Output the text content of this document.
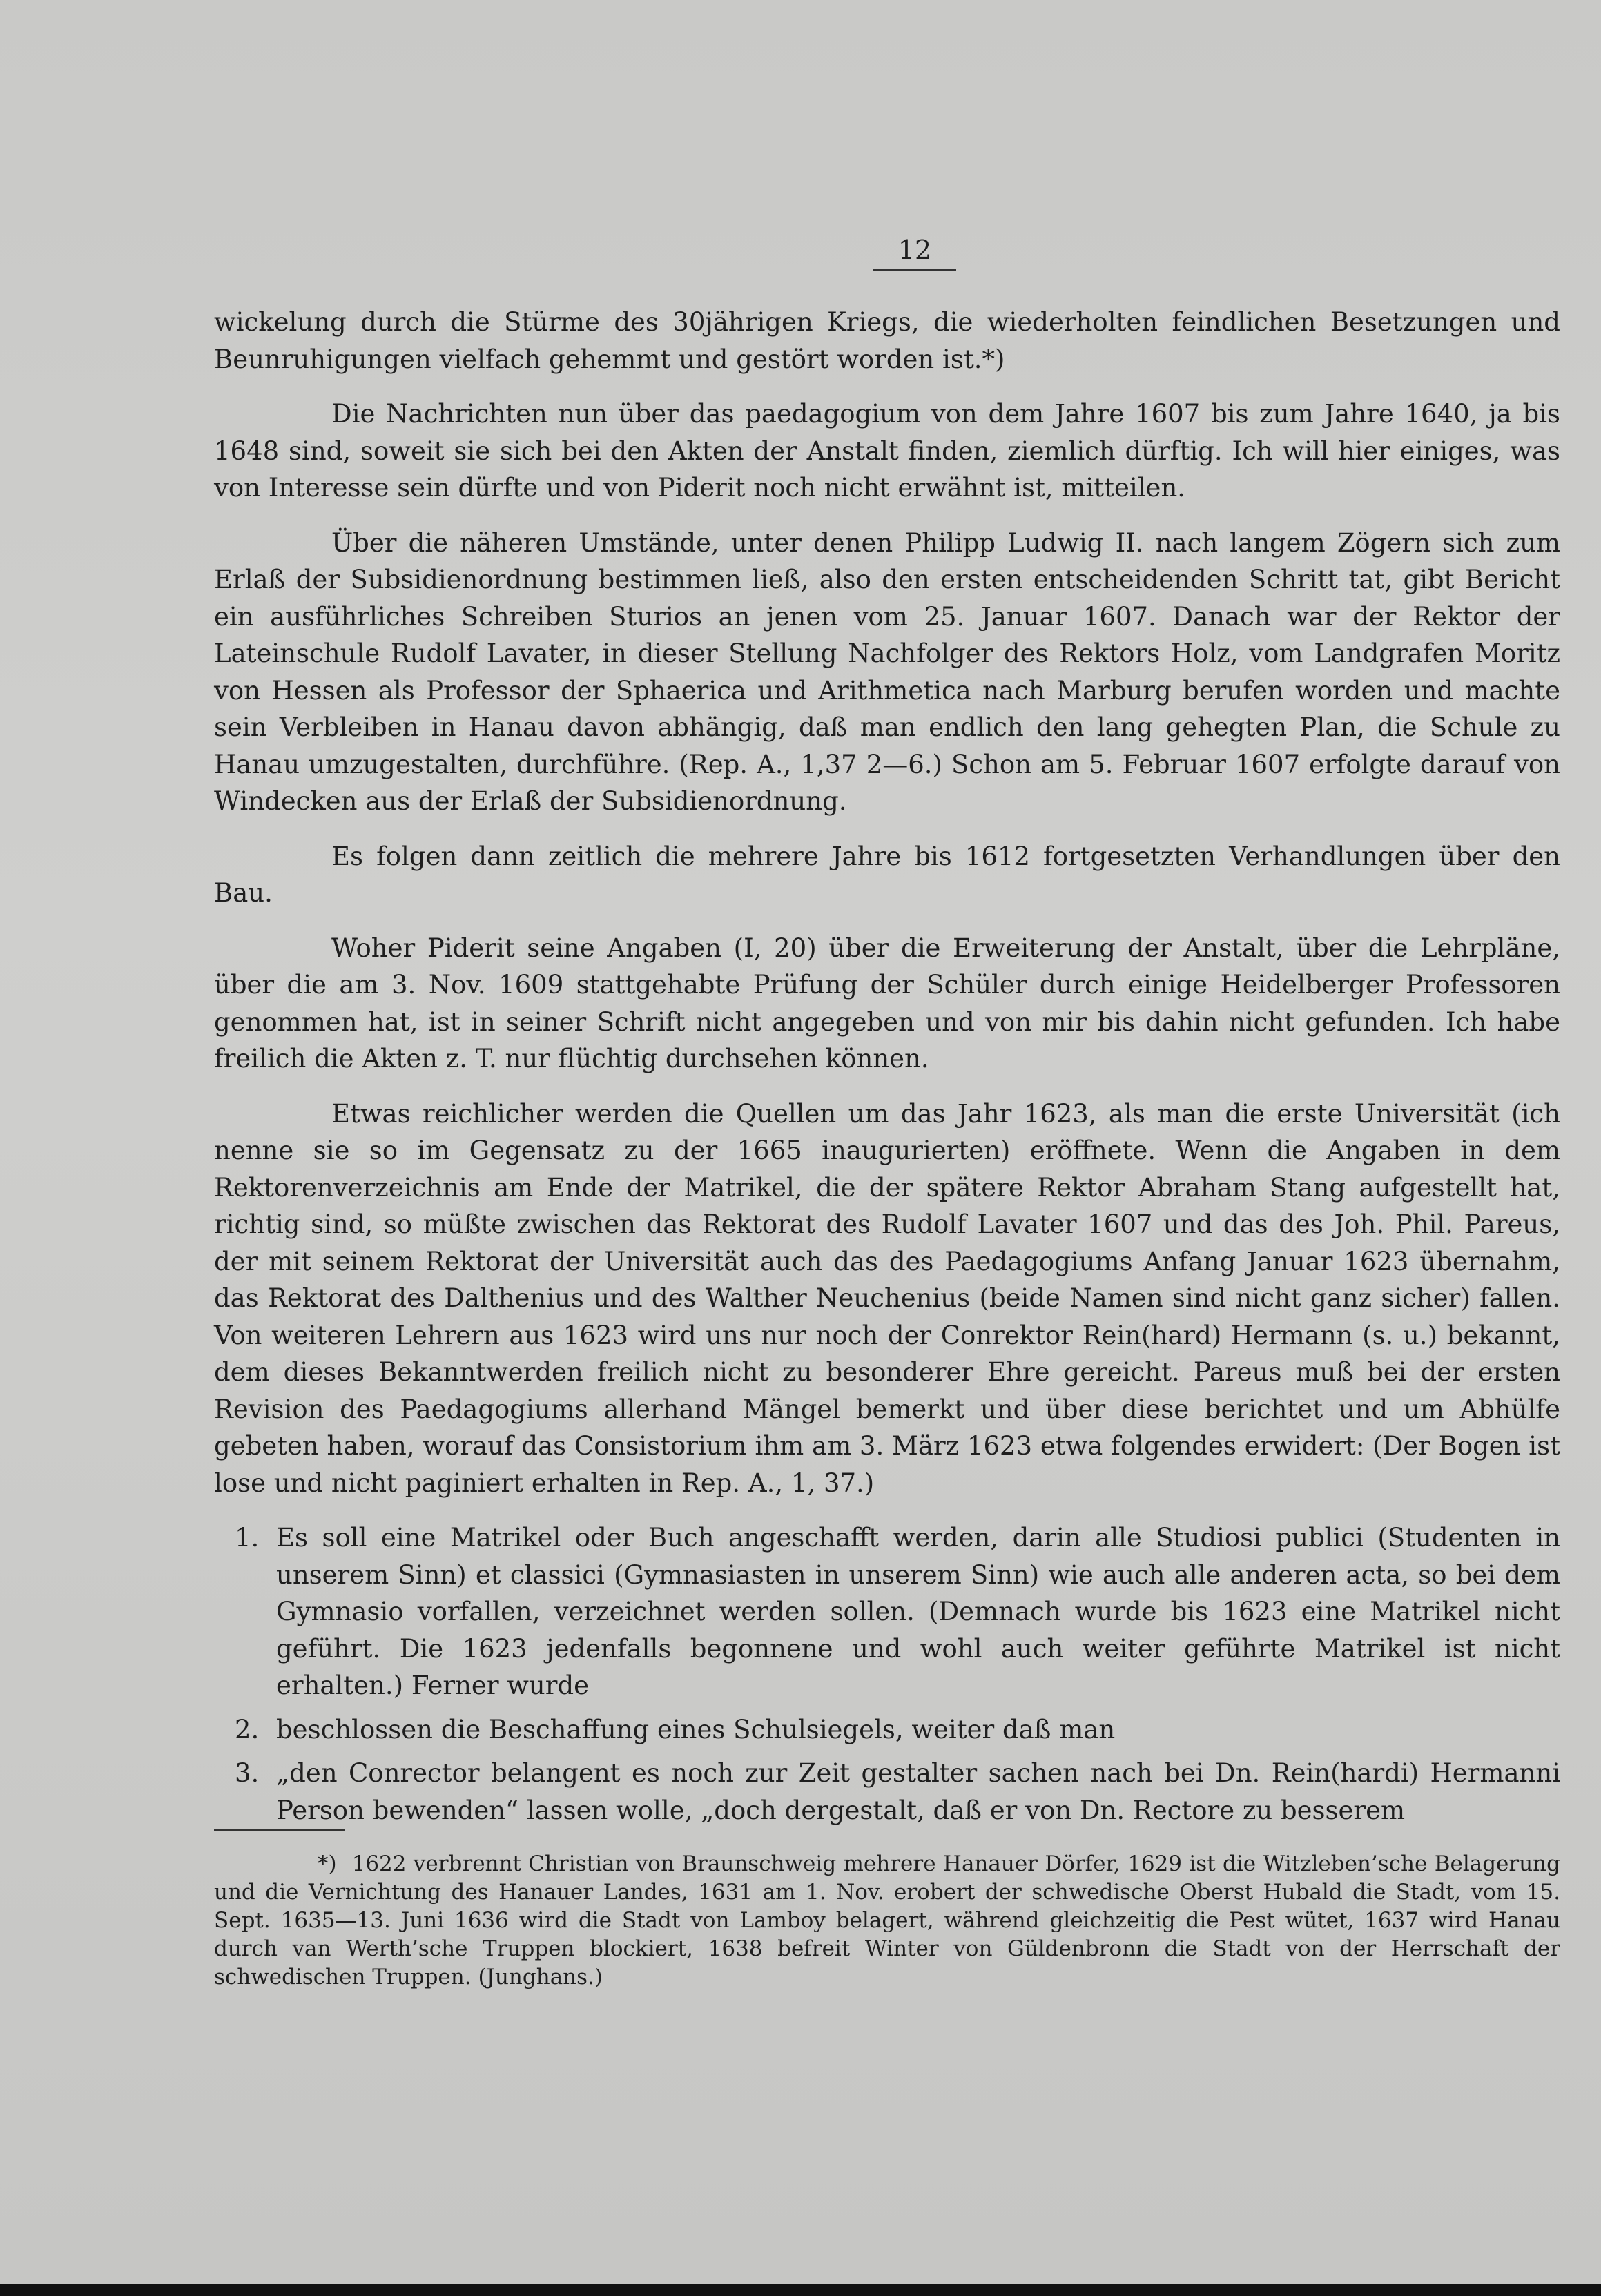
12

wickelung durch die Stürme des 30jährigen Kriegs, die wiederholten feindlichen Besetzungen und Beunruhigungen vielfach gehemmt und gestört worden ist.*)

Die Nachrichten nun über das paedagogium von dem Jahre 1607 bis zum Jahre 1640, ja bis 1648 sind, soweit sie sich bei den Akten der Anstalt finden, ziemlich dürftig. Ich will hier einiges, was von Interesse sein dürfte und von Piderit noch nicht erwähnt ist, mitteilen.

Über die näheren Umstände, unter denen Philipp Ludwig II. nach langem Zögern sich zum Erlaß der Subsidienordnung bestimmen ließ, also den ersten entscheidenden Schritt tat, gibt Bericht ein ausführliches Schreiben Sturios an jenen vom 25. Januar 1607. Danach war der Rektor der Lateinschule Rudolf Lavater, in dieser Stellung Nachfolger des Rektors Holz, vom Landgrafen Moritz von Hessen als Professor der Sphaerica und Arithmetica nach Marburg berufen worden und machte sein Verbleiben in Hanau davon abhängig, daß man endlich den lang gehegten Plan, die Schule zu Hanau umzugestalten, durchführe. (Rep. A., 1,37 2—6.) Schon am 5. Februar 1607 erfolgte darauf von Windecken aus der Erlaß der Subsidienordnung.

Es folgen dann zeitlich die mehrere Jahre bis 1612 fortgesetzten Verhandlungen über den Bau.

Woher Piderit seine Angaben (I, 20) über die Erweiterung der Anstalt, über die Lehrpläne, über die am 3. Nov. 1609 stattgehabte Prüfung der Schüler durch einige Heidelberger Professoren genommen hat, ist in seiner Schrift nicht angegeben und von mir bis dahin nicht gefunden. Ich habe freilich die Akten z. T. nur flüchtig durchsehen können.

Etwas reichlicher werden die Quellen um das Jahr 1623, als man die erste Universität (ich nenne sie so im Gegensatz zu der 1665 inaugurierten) eröffnete. Wenn die Angaben in dem Rektorenverzeichnis am Ende der Matrikel, die der spätere Rektor Abraham Stang aufgestellt hat, richtig sind, so müßte zwischen das Rektorat des Rudolf Lavater 1607 und das des Joh. Phil. Pareus, der mit seinem Rektorat der Universität auch das des Paedagogiums Anfang Januar 1623 übernahm, das Rektorat des Dalthenius und des Walther Neuchenius (beide Namen sind nicht ganz sicher) fallen. Von weiteren Lehrern aus 1623 wird uns nur noch der Conrektor Rein(hard) Hermann (s. u.) bekannt, dem dieses Bekanntwerden freilich nicht zu besonderer Ehre gereicht. Pareus muß bei der ersten Revision des Paedagogiums allerhand Mängel bemerkt und über diese berichtet und um Abhülfe gebeten haben, worauf das Consistorium ihm am 3. März 1623 etwa folgendes erwidert: (Der Bogen ist lose und nicht paginiert erhalten in Rep. A., 1, 37.)

1. Es soll eine Matrikel oder Buch angeschafft werden, darin alle Studiosi publici (Studenten in unserem Sinn) et classici (Gymnasiasten in unserem Sinn) wie auch alle anderen acta, so bei dem Gymnasio vorfallen, verzeichnet werden sollen. (Demnach wurde bis 1623 eine Matrikel nicht geführt. Die 1623 jedenfalls begonnene und wohl auch weiter geführte Matrikel ist nicht erhalten.) Ferner wurde
2. beschlossen die Beschaffung eines Schulsiegels, weiter daß man
3. „den Conrector belangent es noch zur Zeit gestalter sachen nach bei Dn. Rein(hardi) Hermanni Person bewenden“ lassen wolle, „doch dergestalt, daß er von Dn. Rectore zu besserem

*) 1622 verbrennt Christian von Braunschweig mehrere Hanauer Dörfer, 1629 ist die Witzleben’sche Belagerung und die Vernichtung des Hanauer Landes, 1631 am 1. Nov. erobert der schwedische Oberst Hubald die Stadt, vom 15. Sept. 1635—13. Juni 1636 wird die Stadt von Lamboy belagert, während gleichzeitig die Pest wütet, 1637 wird Hanau durch van Werth’sche Truppen blockiert, 1638 befreit Winter von Güldenbronn die Stadt von der Herrschaft der schwedischen Truppen. (Junghans.)
